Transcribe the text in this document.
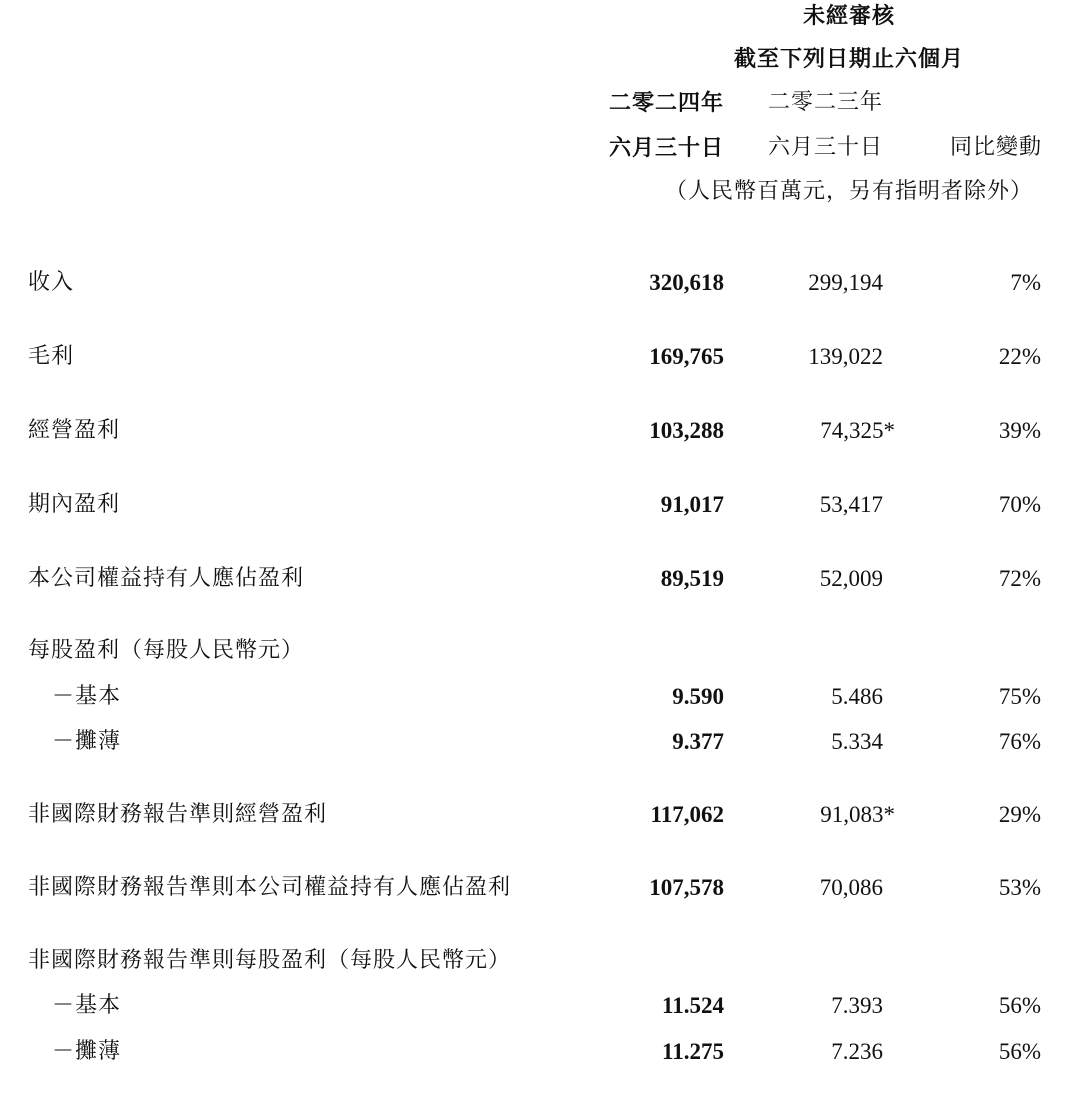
未經審核
截至下列日期止六個月
二零二四年 二零二三年
六月三十日 六月三十日	同比變動
（人民幣百萬元，另有指明者除外）
收入	320,618	299,194	7%
毛利	169,765	139,022	22%
經營盈利	103,288	74,325*	39%
期內盈利	91,017	53,417	70%
本公司權益持有人應佔盈利	89,519	52,009	72%
每股盈利（每股人民幣元）
－基本	9.590	5.486	75%
－攤薄	9.377	5.334	76%
非國際財務報告準則經營盈利	117,062	91,083*	29%
非國際財務報告準則本公司權益持有人應佔盈利	107,578	70,086	53%
非國際財務報告準則每股盈利（每股人民幣元）
－基本	11.524	7.393	56%
－攤薄	11.275	7.236	56%
